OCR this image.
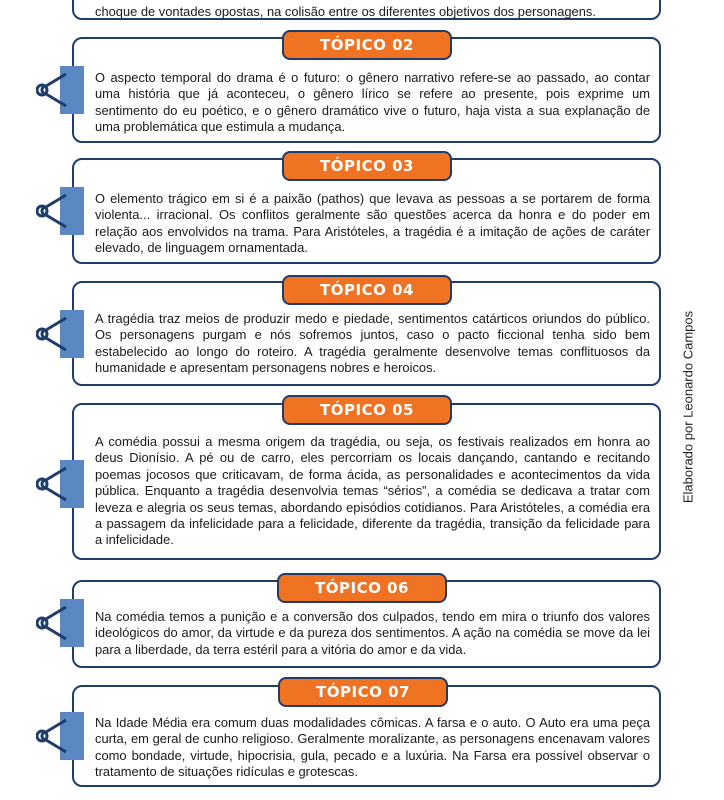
choque de vontades opostas, na colisão entre os diferentes objetivos dos personagens.

O aspecto temporal do drama é o futuro: o gênero narrativo refere-se ao passado, ao contar uma história que já aconteceu, o gênero lírico se refere ao presente, pois exprime um sentimento do eu poético, e o gênero dramático vive o futuro, haja vista a sua explanação de uma problemática que estimula a mudança.

TÓPICO 02

O elemento trágico em si é a paixão (pathos) que levava as pessoas a se portarem de forma violenta... irracional. Os conflitos geralmente são questões acerca da honra e do poder em relação aos envolvidos na trama. Para Aristóteles, a tragédia é a imitação de ações de caráter elevado, de linguagem ornamentada.

TÓPICO 03

A tragédia traz meios de produzir medo e piedade, sentimentos catárticos oriundos do público. Os personagens purgam e nós sofremos juntos, caso o pacto ficcional tenha sido bem estabelecido ao longo do roteiro. A tragédia geralmente desenvolve temas conflituosos da humanidade e apresentam personagens nobres e heroicos.

TÓPICO 04

A comédia possui a mesma origem da tragédia, ou seja, os festivais realizados em honra ao deus Dionísio. A pé ou de carro, eles percorriam os locais dançando, cantando e recitando poemas jocosos que criticavam, de forma ácida, as personalidades e acontecimentos da vida pública. Enquanto a tragédia desenvolvia temas “sérios”, a comédia se dedicava a tratar com leveza e alegria os seus temas, abordando episódios cotidianos. Para Aristóteles, a comédia era a passagem da infelicidade para a felicidade, diferente da tragédia, transição da felicidade para a infelicidade.

TÓPICO 05

Na comédia temos a punição e a conversão dos culpados, tendo em mira o triunfo dos valores ideológicos do amor, da virtude e da pureza dos sentimentos. A ação na comédia se move da lei para a liberdade, da terra estéril para a vitória do amor e da vida.

TÓPICO 06

Na Idade Média era comum duas modalidades cômicas. A farsa e o auto. O Auto era uma peça curta, em geral de cunho religioso. Geralmente moralizante, as personagens encenavam valores como bondade, virtude, hipocrisia, gula, pecado e a luxúria. Na Farsa era possível observar o tratamento de situações ridículas e grotescas.

TÓPICO 07
Elaborado por Leonardo Campos
